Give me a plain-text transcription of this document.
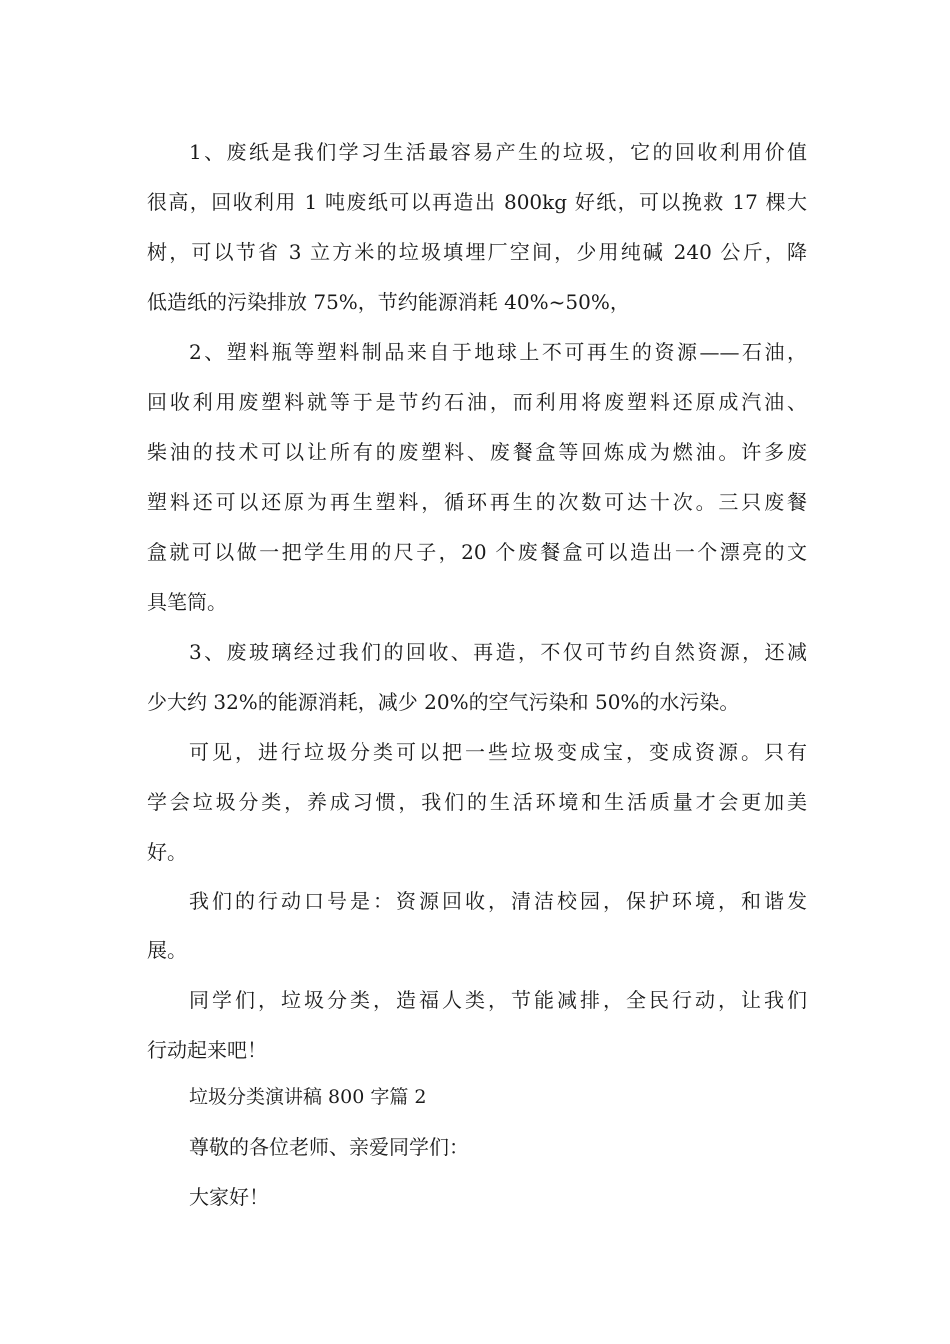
1、废纸是我们学习生活最容易产生的垃圾，它的回收利用价值
很高，回收利用 1 吨废纸可以再造出 800kg 好纸，可以挽救 17 棵大
树，可以节省 3 立方米的垃圾填埋厂空间，少用纯碱 240 公斤，降
低造纸的污染排放 75%，节约能源消耗 40%~50%，
2、塑料瓶等塑料制品来自于地球上不可再生的资源——石油，
回收利用废塑料就等于是节约石油，而利用将废塑料还原成汽油、
柴油的技术可以让所有的废塑料、废餐盒等回炼成为燃油。许多废
塑料还可以还原为再生塑料，循环再生的次数可达十次。三只废餐
盒就可以做一把学生用的尺子，20 个废餐盒可以造出一个漂亮的文
具笔筒。
3、废玻璃经过我们的回收、再造，不仅可节约自然资源，还减
少大约 32%的能源消耗，减少 20%的空气污染和 50%的水污染。
可见，进行垃圾分类可以把一些垃圾变成宝，变成资源。只有
学会垃圾分类，养成习惯，我们的生活环境和生活质量才会更加美
好。
我们的行动口号是：资源回收，清洁校园，保护环境，和谐发
展。
同学们，垃圾分类，造福人类，节能减排，全民行动，让我们
行动起来吧！
垃圾分类演讲稿 800 字篇 2
尊敬的各位老师、亲爱同学们：
大家好！
